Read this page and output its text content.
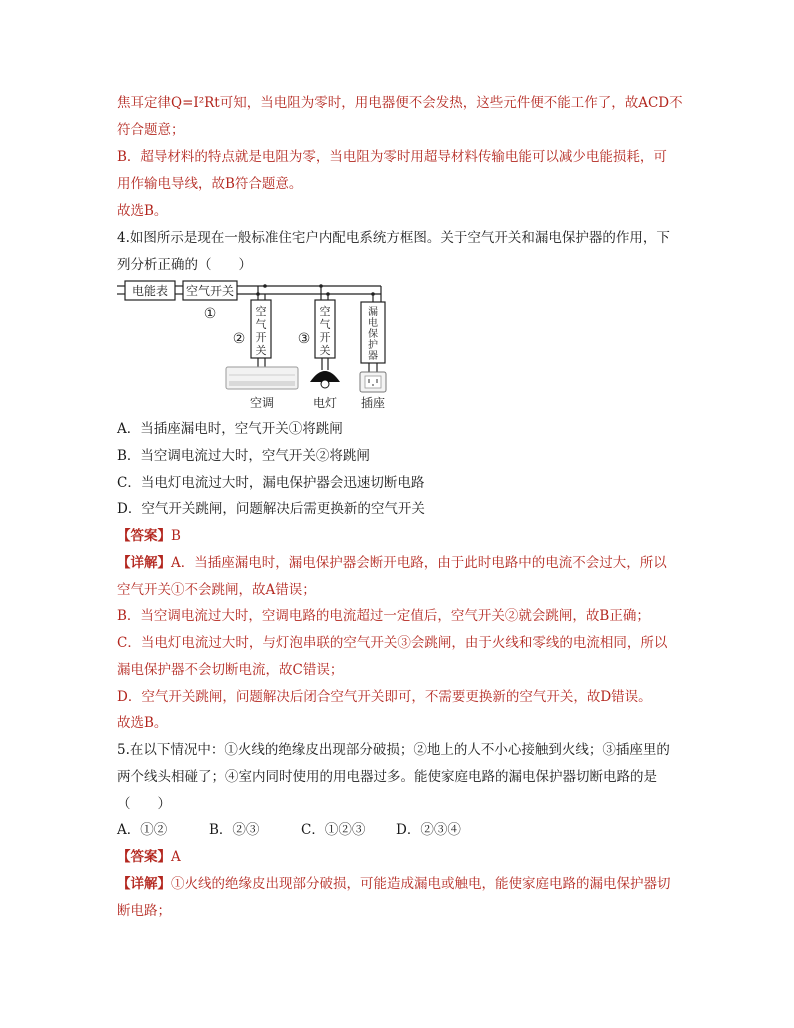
焦耳定律Q=I²Rt可知，当电阻为零时，用电器便不会发热，这些元件便不能工作了，故ACD不
符合题意；
B．超导材料的特点就是电阻为零，当电阻为零时用超导材料传输电能可以减少电能损耗，可
用作输电导线，故B符合题意。
故选B。
4.如图所示是现在一般标准住宅户内配电系统方框图。关于空气开关和漏电保护器的作用，下
列分析正确的（　　）
电能表 空气开关
①	空
气
开
关
②
空调
空
气
开
关
③
电灯
漏
电
保
护
器
插座
A．当插座漏电时，空气开关①将跳闸
B．当空调电流过大时，空气开关②将跳闸
C．当电灯电流过大时，漏电保护器会迅速切断电路
D．空气开关跳闸，问题解决后需更换新的空气开关
【答案】B
【详解】A．当插座漏电时，漏电保护器会断开电路，由于此时电路中的电流不会过大，所以
空气开关①不会跳闸，故A错误；
B．当空调电流过大时，空调电路的电流超过一定值后，空气开关②就会跳闸，故B正确；
C．当电灯电流过大时，与灯泡串联的空气开关③会跳闸，由于火线和零线的电流相同，所以
漏电保护器不会切断电流，故C错误；
D．空气开关跳闸，问题解决后闭合空气开关即可，不需要更换新的空气开关，故D错误。
故选B。
5.在以下情况中：①火线的绝缘皮出现部分破损；②地上的人不小心接触到火线；③插座里的
两个线头相碰了；④室内同时使用的用电器过多。能使家庭电路的漏电保护器切断电路的是
（　　）
A．①②	B．②③	C．①②③ D．②③④
【答案】A
【详解】①火线的绝缘皮出现部分破损，可能造成漏电或触电，能使家庭电路的漏电保护器切
断电路；
